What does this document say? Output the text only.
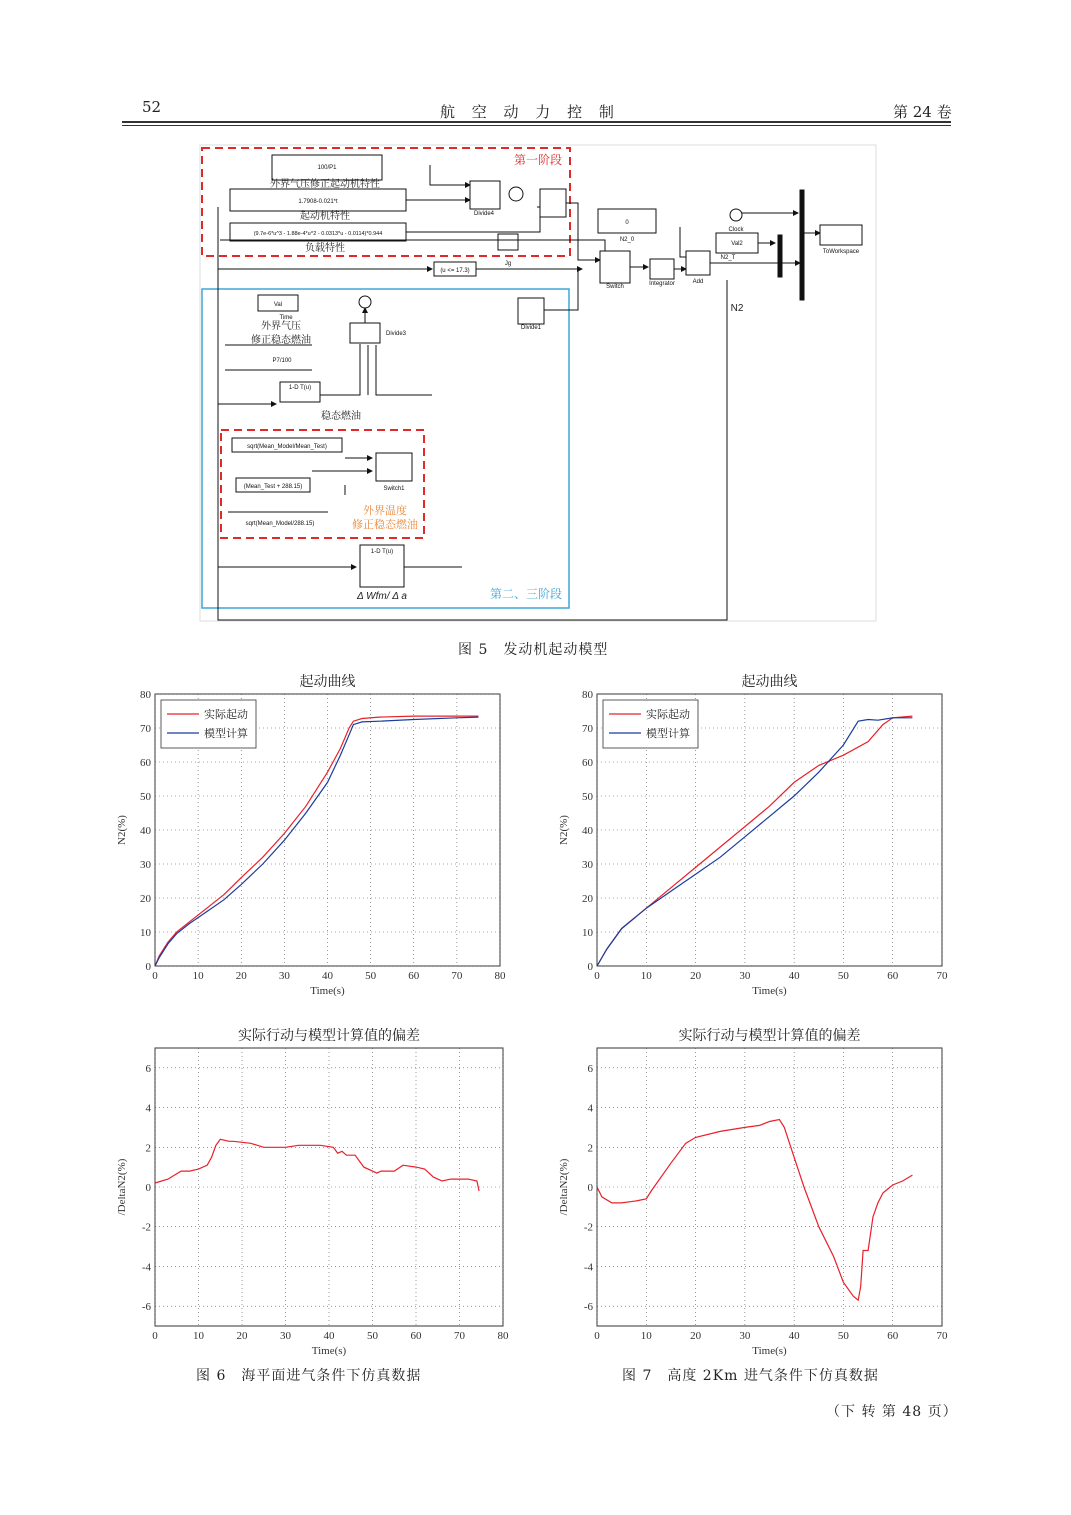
52	航 空 动 力 控 制	第 24 卷
100/P1
1.7908-0.021*t
(9.7e-6*u^3 - 1.88e-4*u^2 - 0.0313*u - 0.0114)*0.944
Divide4
Jg
0
N2_0
Switch
(u <= 17.3)
Integrator	Add
Val2
N2_T
Clock
ToWorkspace
Val
Time
P7/100
Divide3
1-D T(u)
sqrt(Mean_Model/Mean_Test)
(Mean_Test + 288.15)
sqrt(Mean_Model/288.15)
Switch1
Divide1
1-D T(u)
外界气压修正起动机特性
起动机特性
负载特性
外界气压
修正稳态燃油
稳态燃油
Δ Wfm/ Δ a
N2
第一阶段
第二、三阶段
外界温度
修正稳态燃油
图 5　发动机起动模型
起动曲线
0	10	20	30	40	50	60	70	80
0
10
20
30
40
50
60
70
80
Time(s)
N2(%)
实际起动
模型计算
起动曲线
0	10	20	30	40	50	60	70
0
10
20
30
40
50
60
70
80
Time(s)
N2(%)
实际起动
模型计算
实际行动与模型计算值的偏差
0	10	20	30	40	50	60	70	80
-6
-4
-2
0
2
4
6
Time(s)
/DeltaN2(%)
实际行动与模型计算值的偏差
0	10	20	30	40	50	60	70
-6
-4
-2
0
2
4
6
Time(s)
/DeltaN2(%)
图 6　海平面进气条件下仿真数据	图 7　高度 2Km 进气条件下仿真数据
（下 转 第 48 页）
